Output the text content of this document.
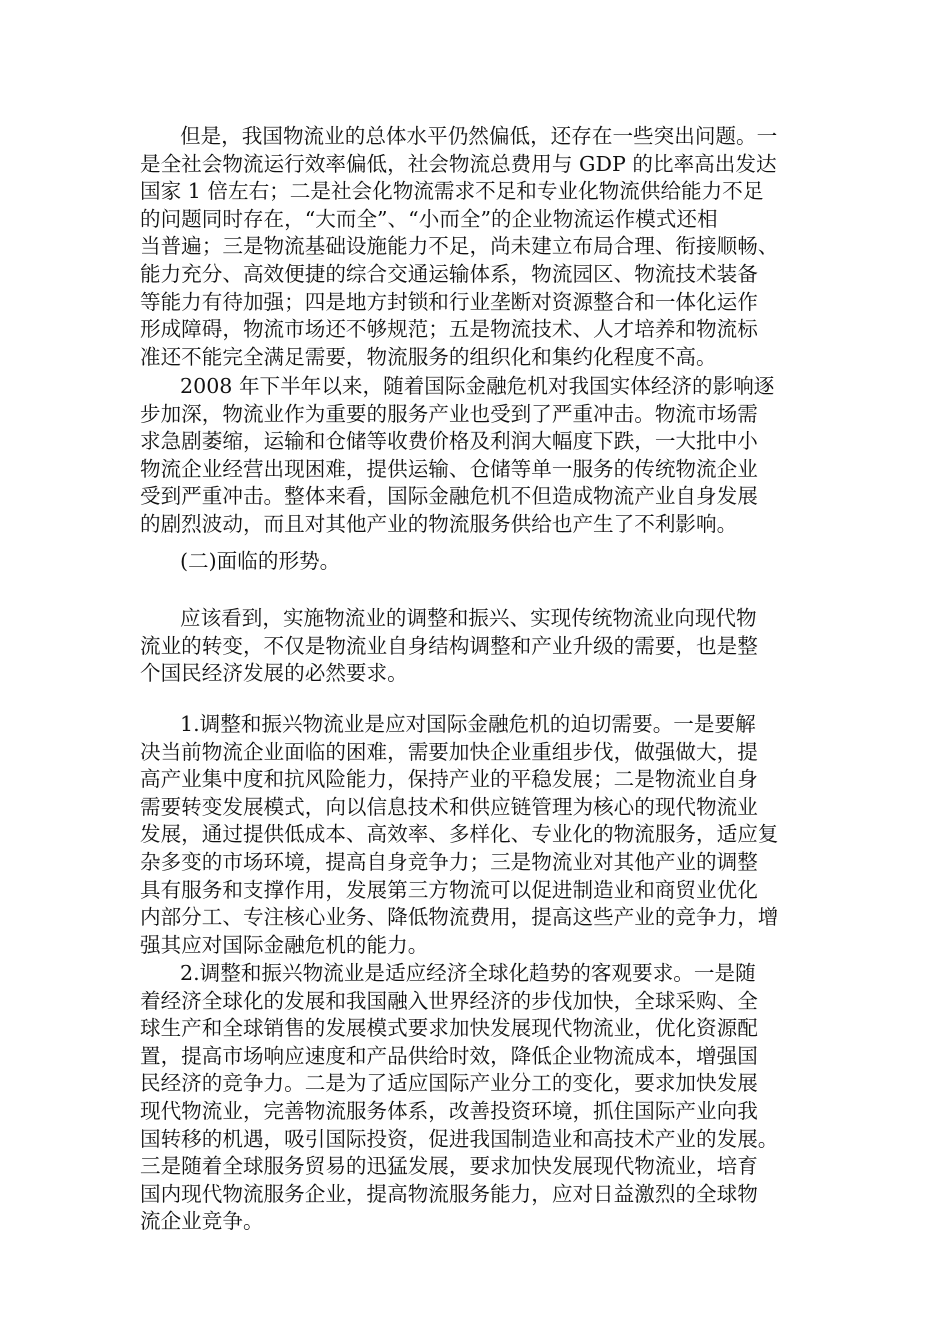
但是，我国物流业的总体水平仍然偏低，还存在一些突出问题。一
是全社会物流运行效率偏低，社会物流总费用与 GDP 的比率高出发达
国家 1 倍左右；二是社会化物流需求不足和专业化物流供给能力不足
的问题同时存在，“大而全”、“小而全”的企业物流运作模式还相
当普遍；三是物流基础设施能力不足，尚未建立布局合理、衔接顺畅、
能力充分、高效便捷的综合交通运输体系，物流园区、物流技术装备
等能力有待加强；四是地方封锁和行业垄断对资源整合和一体化运作
形成障碍，物流市场还不够规范；五是物流技术、人才培养和物流标
准还不能完全满足需要，物流服务的组织化和集约化程度不高。
2008 年下半年以来，随着国际金融危机对我国实体经济的影响逐
步加深，物流业作为重要的服务产业也受到了严重冲击。物流市场需
求急剧萎缩，运输和仓储等收费价格及利润大幅度下跌，一大批中小
物流企业经营出现困难，提供运输、仓储等单一服务的传统物流企业
受到严重冲击。整体来看，国际金融危机不但造成物流产业自身发展
的剧烈波动，而且对其他产业的物流服务供给也产生了不利影响。
(二)面临的形势。
应该看到，实施物流业的调整和振兴、实现传统物流业向现代物
流业的转变，不仅是物流业自身结构调整和产业升级的需要，也是整
个国民经济发展的必然要求。
1.调整和振兴物流业是应对国际金融危机的迫切需要。一是要解
决当前物流企业面临的困难，需要加快企业重组步伐，做强做大，提
高产业集中度和抗风险能力，保持产业的平稳发展；二是物流业自身
需要转变发展模式，向以信息技术和供应链管理为核心的现代物流业
发展，通过提供低成本、高效率、多样化、专业化的物流服务，适应复
杂多变的市场环境，提高自身竞争力；三是物流业对其他产业的调整
具有服务和支撑作用，发展第三方物流可以促进制造业和商贸业优化
内部分工、专注核心业务、降低物流费用，提高这些产业的竞争力，增
强其应对国际金融危机的能力。
2.调整和振兴物流业是适应经济全球化趋势的客观要求。一是随
着经济全球化的发展和我国融入世界经济的步伐加快，全球采购、全
球生产和全球销售的发展模式要求加快发展现代物流业，优化资源配
置，提高市场响应速度和产品供给时效，降低企业物流成本，增强国
民经济的竞争力。二是为了适应国际产业分工的变化，要求加快发展
现代物流业，完善物流服务体系，改善投资环境，抓住国际产业向我
国转移的机遇，吸引国际投资，促进我国制造业和高技术产业的发展。
三是随着全球服务贸易的迅猛发展，要求加快发展现代物流业，培育
国内现代物流服务企业，提高物流服务能力，应对日益激烈的全球物
流企业竞争。
